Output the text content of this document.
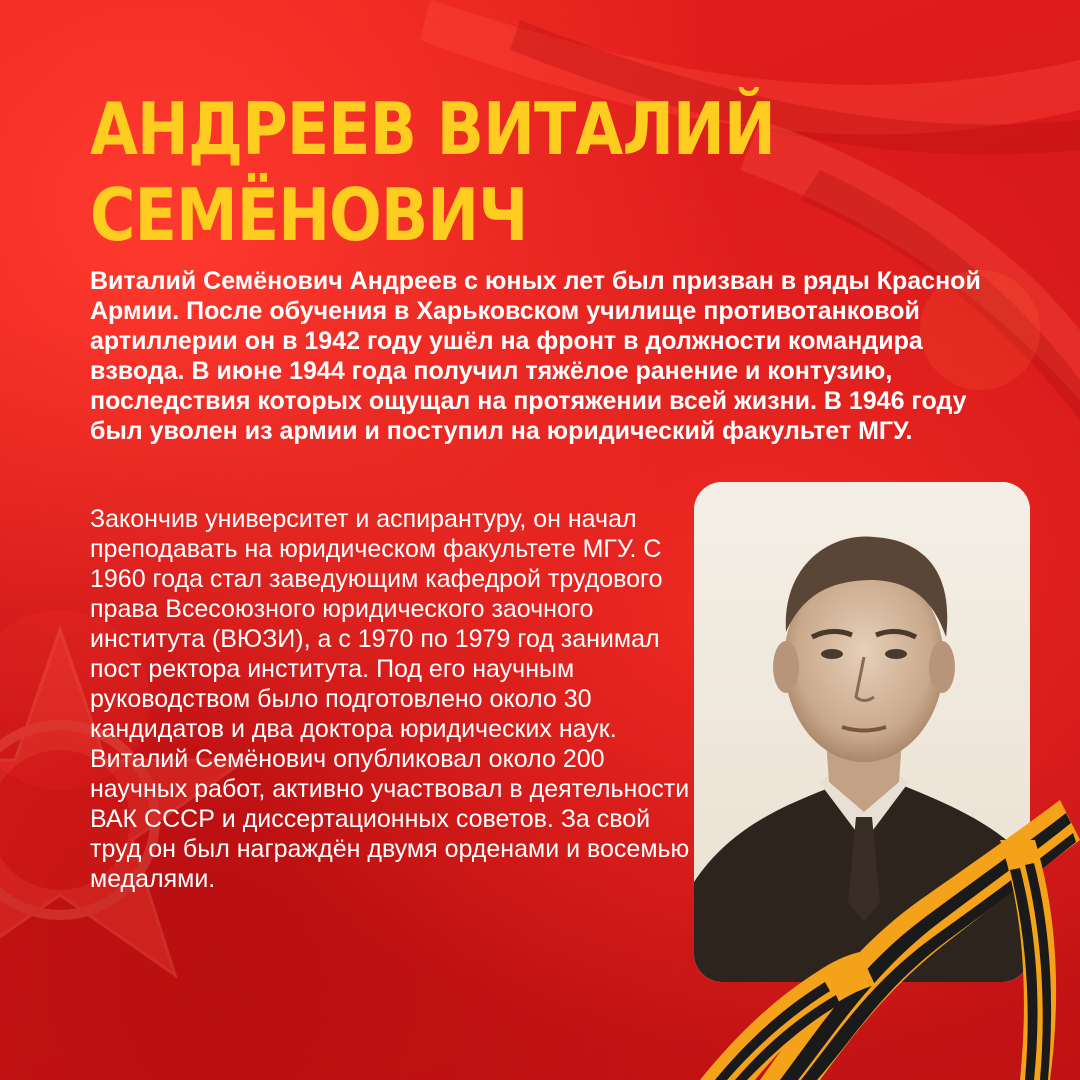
АНДРЕЕВ ВИТАЛИЙ
СЕМЁНОВИЧ

Виталий Семёнович Андреев с юных лет был призван в ряды Красной Армии. После обучения в Харьковском училище противотанковой артиллерии он в 1942 году ушёл на фронт в должности командира взвода. В июне 1944 года получил тяжёлое ранение и контузию, последствия которых ощущал на протяжении всей жизни. В 1946 году был уволен из армии и поступил на юридический факультет МГУ.

Закончив университет и аспирантуру, он начал преподавать на юридическом факультете МГУ. С 1960 года стал заведующим кафедрой трудового права Всесоюзного юридического заочного института (ВЮЗИ), а с 1970 по 1979 год занимал пост ректора института. Под его научным руководством было подготовлено около 30 кандидатов и два доктора юридических наук. Виталий Семёнович опубликовал около 200 научных работ, активно участвовал в деятельности ВАК СССР и диссертационных советов. За свой труд он был награждён двумя орденами и восемью медалями.
